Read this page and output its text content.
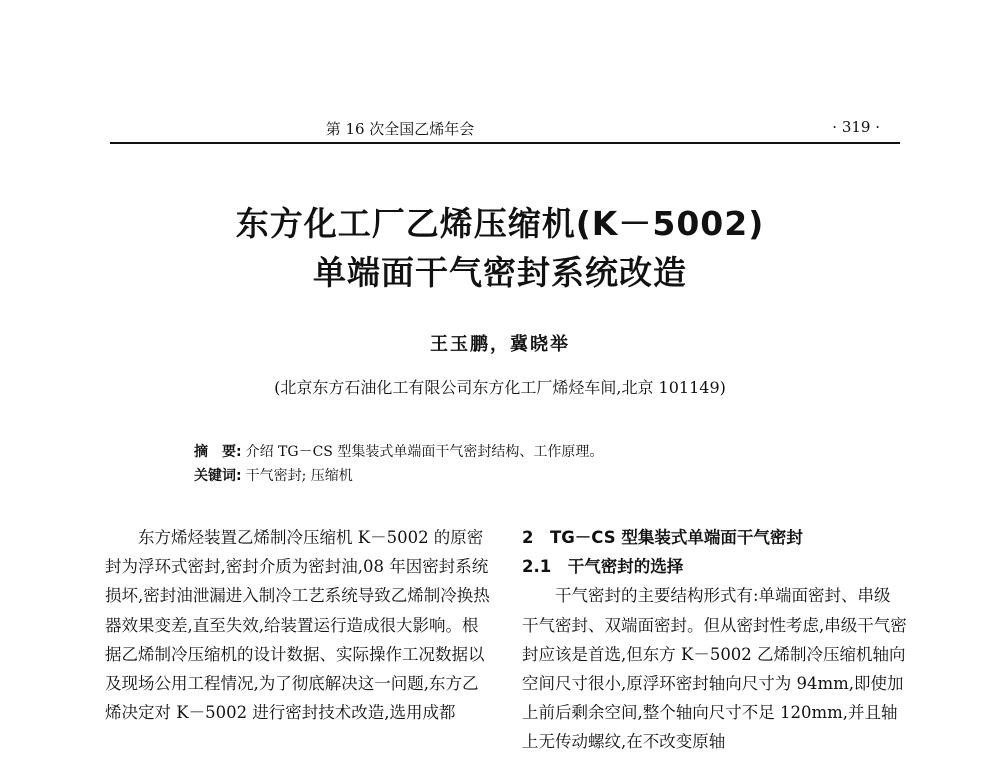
第 16 次全国乙烯年会	· 319 ·
东方化工厂乙烯压缩机(K－5002)
单端面干气密封系统改造
王玉鹏，冀晓举
(北京东方石油化工有限公司东方化工厂烯烃车间,北京 101149)
摘　要: 介绍 TG－CS 型集装式单端面干气密封结构、工作原理。
关键词: 干气密封; 压缩机

东方烯烃装置乙烯制冷压缩机 K－5002 的原密封为浮环式密封,密封介质为密封油,08 年因密封系统损坏,密封油泄漏进入制冷工艺系统导致乙烯制冷换热器效果变差,直至失效,给装置运行造成很大影响。根据乙烯制冷压缩机的设计数据、实际操作工况数据以及现场公用工程情况,为了彻底解决这一问题,东方乙烯决定对 K－5002 进行密封技术改造,选用成都

2　TG－CS 型集装式单端面干气密封

2.1　干气密封的选择

干气密封的主要结构形式有:单端面密封、串级干气密封、双端面密封。但从密封性考虑,串级干气密封应该是首选,但东方 K－5002 乙烯制冷压缩机轴向空间尺寸很小,原浮环密封轴向尺寸为 94mm,即使加上前后剩余空间,整个轴向尺寸不足 120mm,并且轴上无传动螺纹,在不改变原轴
